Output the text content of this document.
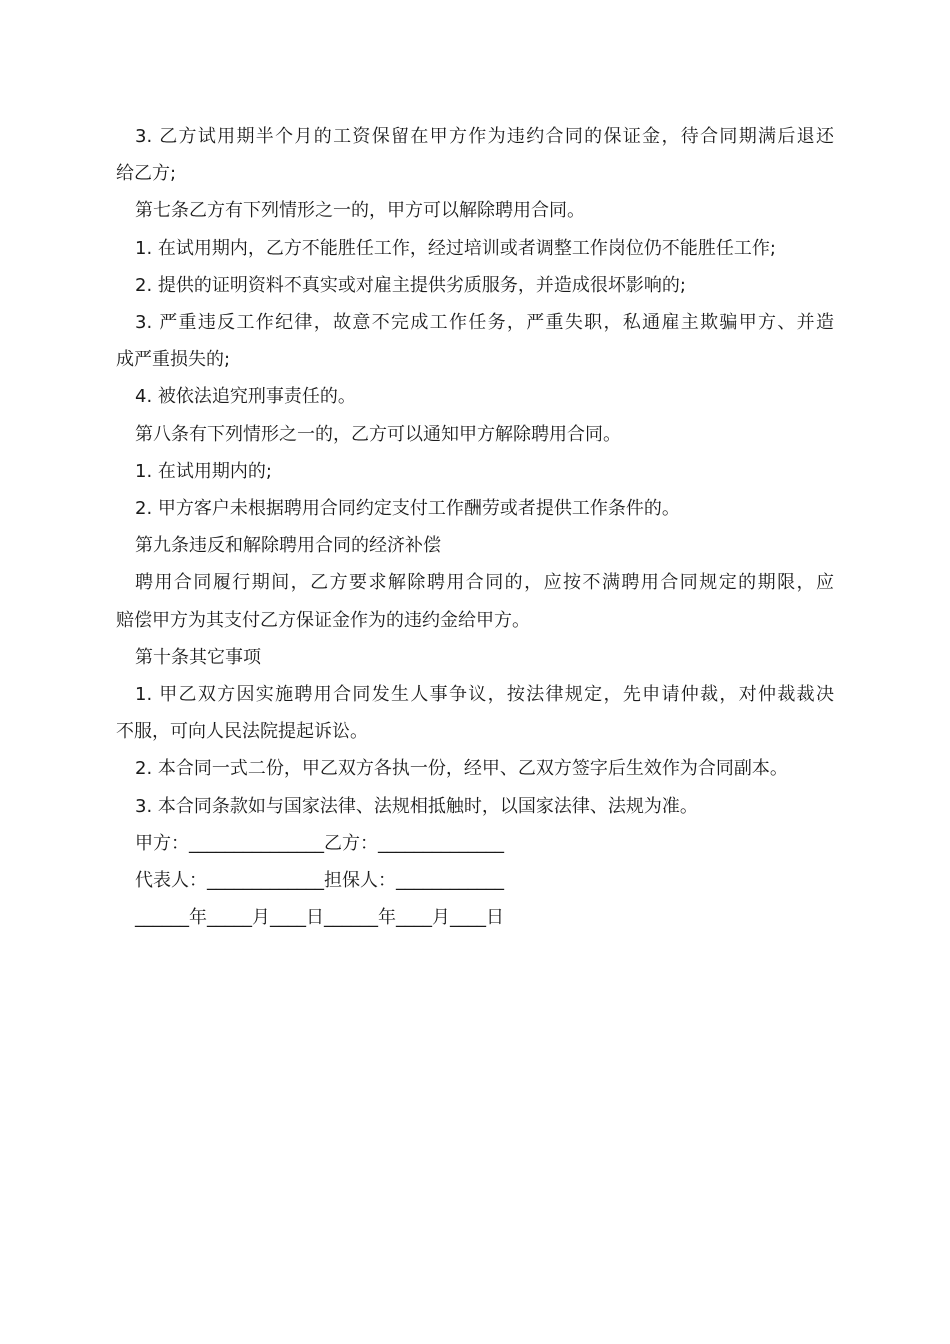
3. 乙方试用期半个月的工资保留在甲方作为违约合同的保证金，待合同期满后退还
给乙方;
第七条乙方有下列情形之一的，甲方可以解除聘用合同。
1. 在试用期内，乙方不能胜任工作，经过培训或者调整工作岗位仍不能胜任工作;
2. 提供的证明资料不真实或对雇主提供劣质服务，并造成很坏影响的;
3. 严重违反工作纪律，故意不完成工作任务，严重失职，私通雇主欺骗甲方、并造
成严重损失的;
4. 被依法追究刑事责任的。
第八条有下列情形之一的，乙方可以通知甲方解除聘用合同。
1. 在试用期内的;
2. 甲方客户未根据聘用合同约定支付工作酬劳或者提供工作条件的。
第九条违反和解除聘用合同的经济补偿
聘用合同履行期间，乙方要求解除聘用合同的，应按不满聘用合同规定的期限，应
赔偿甲方为其支付乙方保证金作为的违约金给甲方。
第十条其它事项
1. 甲乙双方因实施聘用合同发生人事争议，按法律规定，先申请仲裁，对仲裁裁决
不服，可向人民法院提起诉讼。
2. 本合同一式二份，甲乙双方各执一份，经甲、乙双方签字后生效作为合同副本。
3. 本合同条款如与国家法律、法规相抵触时，以国家法律、法规为准。
甲方：_______________乙方：______________
代表人：_____________担保人：____________
______年_____月____日______年____月____日
